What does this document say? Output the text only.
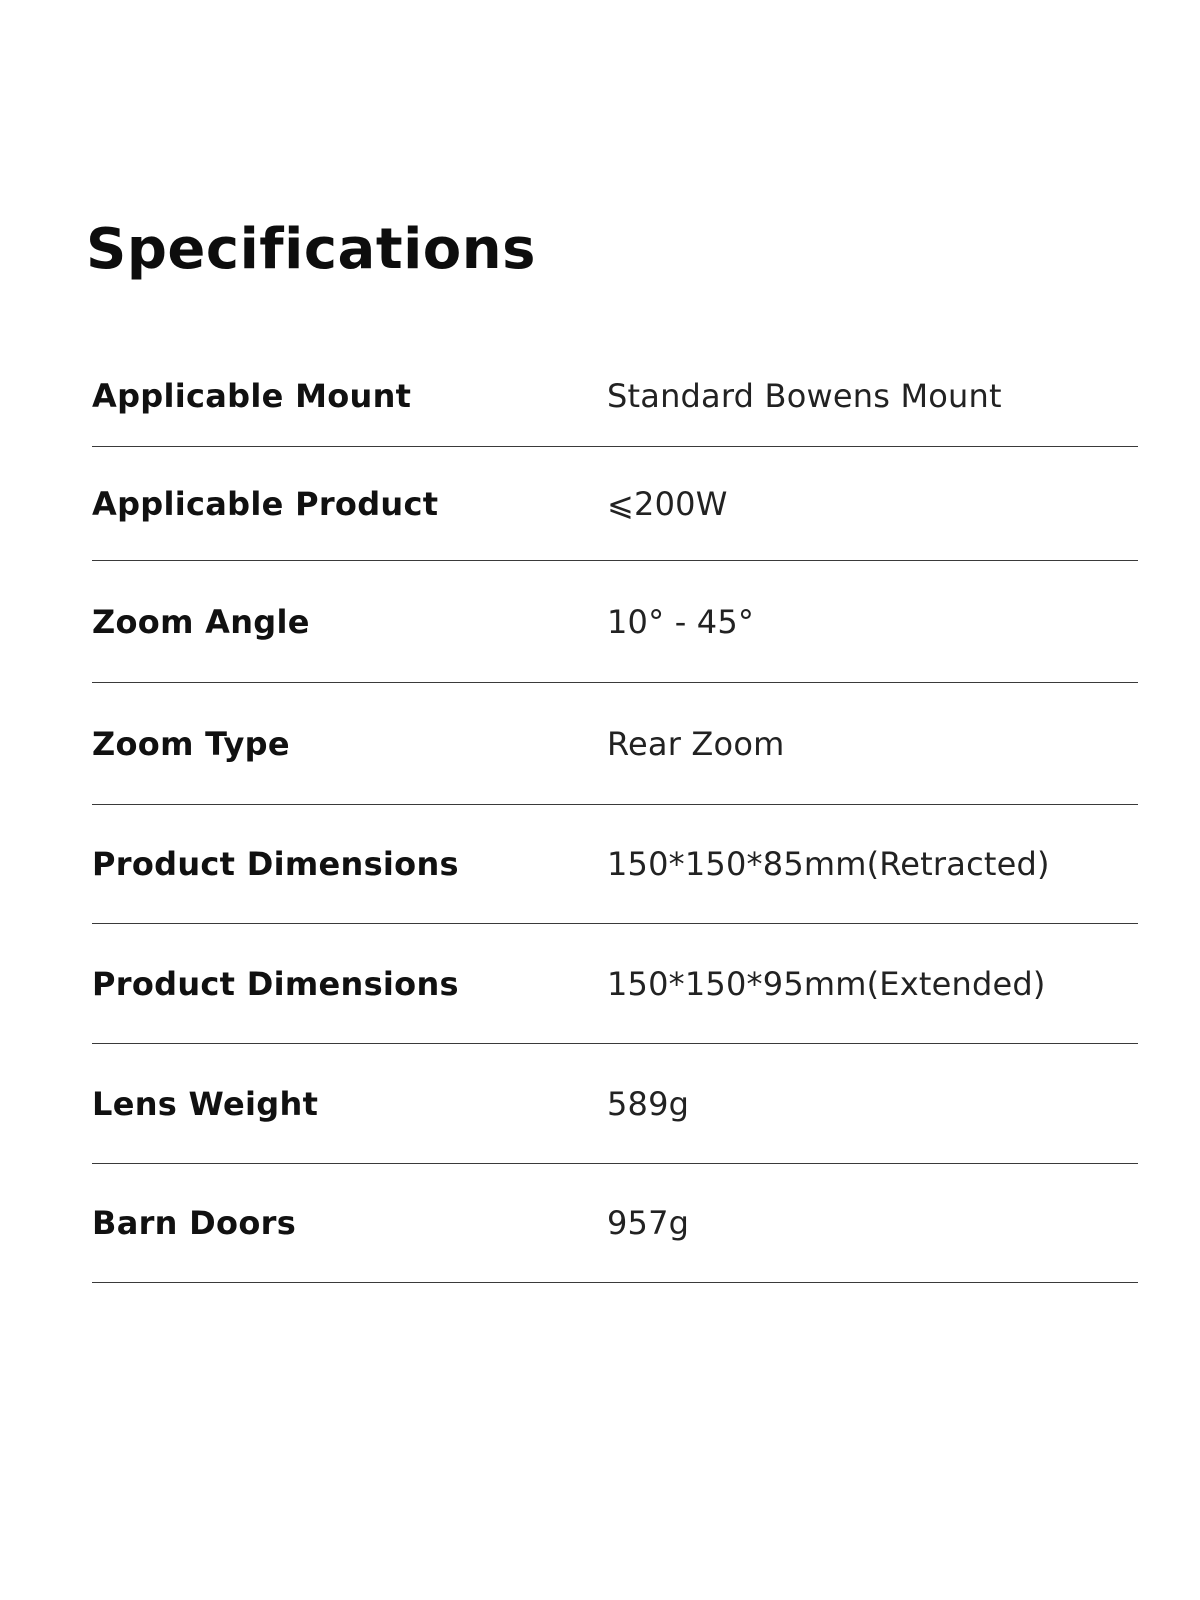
Specifications
Applicable Mount	Standard Bowens Mount
Applicable Product	⩽200W
Zoom Angle	10° - 45°
Zoom Type	Rear Zoom
Product Dimensions	150*150*85mm(Retracted)
Product Dimensions	150*150*95mm(Extended)
Lens Weight	589g
Barn Doors	957g
